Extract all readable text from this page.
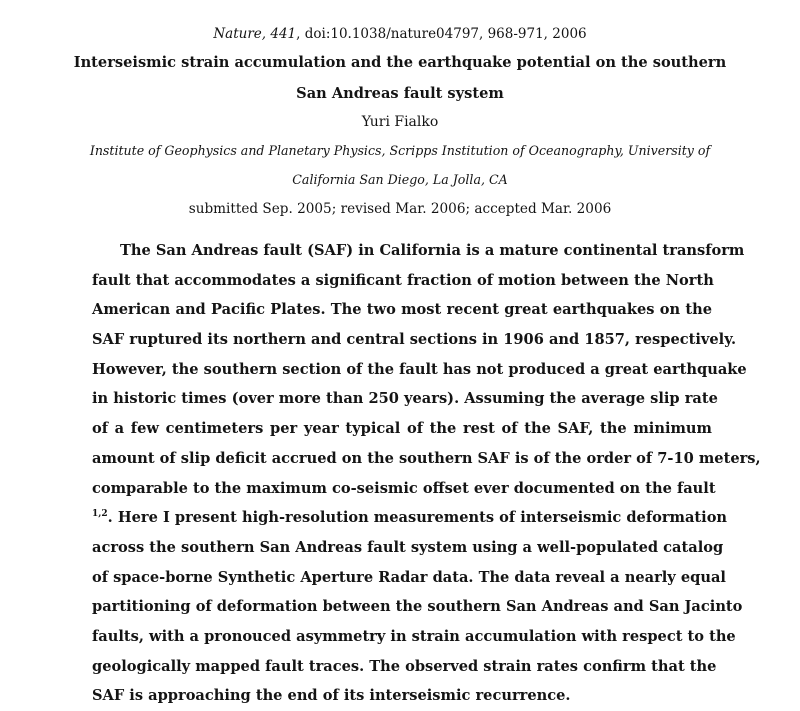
Nature, 441, doi:10.1038/nature04797, 968-971, 2006
Interseismic strain accumulation and the earthquake potential on the southern
San Andreas fault system
Yuri Fialko
Institute of Geophysics and Planetary Physics, Scripps Institution of Oceanography, University of
California San Diego, La Jolla, CA
submitted Sep. 2005; revised Mar. 2006; accepted Mar. 2006
The San Andreas fault (SAF) in California is a mature continental transform
fault that accommodates a significant fraction of motion between the North
American and Pacific Plates. The two most recent great earthquakes on the
SAF ruptured its northern and central sections in 1906 and 1857, respectively.
However, the southern section of the fault has not produced a great earthquake
in historic times (over more than 250 years). Assuming the average slip rate
of a few centimeters per year typical of the rest of the SAF, the minimum
amount of slip deficit accrued on the southern SAF is of the order of 7-10 meters,
comparable to the maximum co-seismic offset ever documented on the fault
$^{1,2}$. Here I present high-resolution measurements of interseismic deformation
across the southern San Andreas fault system using a well-populated catalog
of space-borne Synthetic Aperture Radar data. The data reveal a nearly equal
partitioning of deformation between the southern San Andreas and San Jacinto
faults, with a pronouced asymmetry in strain accumulation with respect to the
geologically mapped fault traces. The observed strain rates confirm that the
SAF is approaching the end of its interseismic recurrence.
